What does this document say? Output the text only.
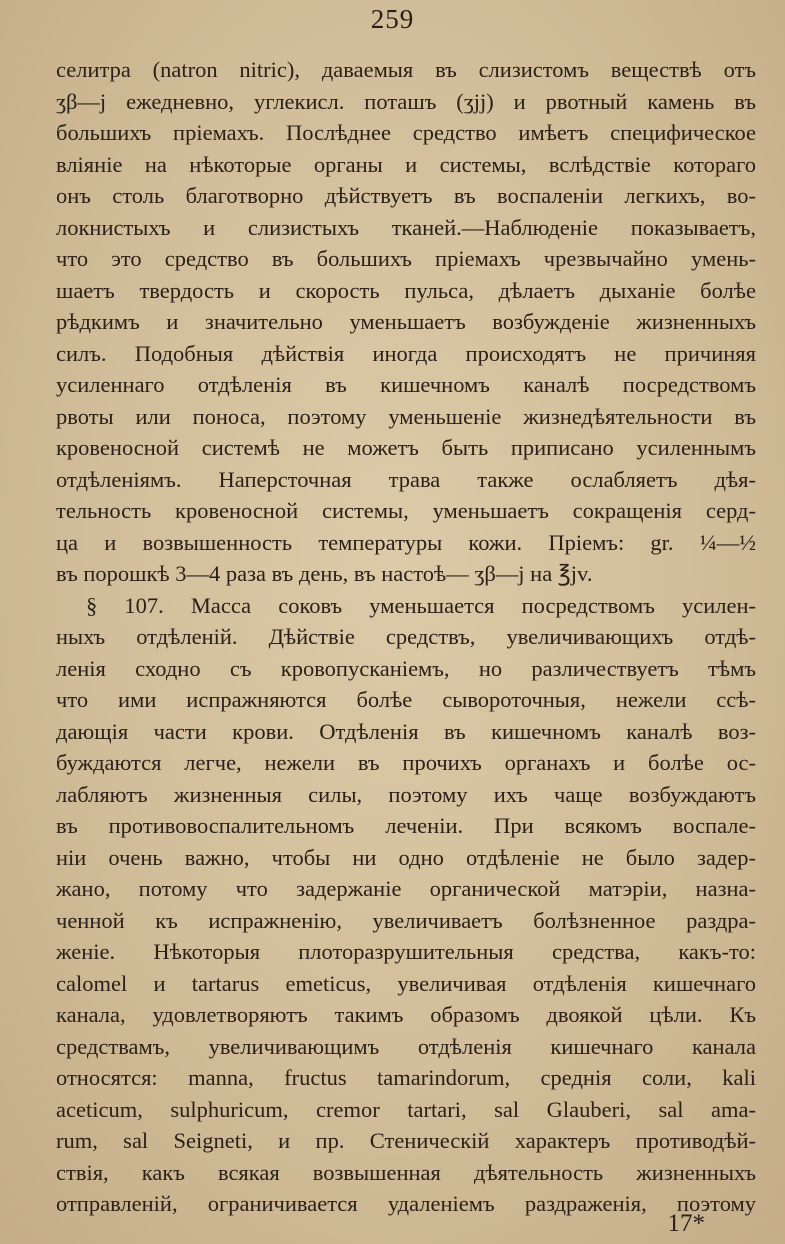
259
селитра (natron nitric), даваемыя въ слизистомъ веществѣ отъ
ʒβ—j ежедневно, углекисл. поташъ (ʒjj) и рвотный камень въ
большихъ пріемахъ. Послѣднее средство имѣетъ специфическое
вліяніе на нѣкоторые органы и системы, вслѣдствіе котораго
онъ столь благотворно дѣйствуетъ въ воспаленіи легкихъ, во-
локнистыхъ и слизистыхъ тканей.—Наблюденіе показываетъ,
что это средство въ большихъ пріемахъ чрезвычайно умень-
шаетъ твердость и скорость пульса, дѣлаетъ дыханіе болѣе
рѣдкимъ и значительно уменьшаетъ возбужденіе жизненныхъ
силъ. Подобныя дѣйствія иногда происходятъ не причиняя
усиленнаго отдѣленія въ кишечномъ каналѣ посредствомъ
рвоты или поноса, поэтому уменьшеніе жизнедѣятельности въ
кровеносной системѣ не можетъ быть приписано усиленнымъ
отдѣленіямъ. Наперсточная трава также ослабляетъ дѣя-
тельность кровеносной системы, уменьшаетъ сокращенія серд-
ца и возвышенность температуры кожи. Пріемъ: gr. ¼—½
въ порошкѣ 3—4 раза въ день, въ настоѣ— ʒβ—j на ℥jv.
§ 107. Масса соковъ уменьшается посредствомъ усилен-
ныхъ отдѣленій. Дѣйствіе средствъ, увеличивающихъ отдѣ-
ленія сходно съ кровопусканіемъ, но различествуетъ тѣмъ
что ими испражняются болѣе сывороточныя, нежели ссѣ-
дающія части крови. Отдѣленія въ кишечномъ каналѣ воз-
буждаются легче, нежели въ прочихъ органахъ и болѣе ос-
лабляютъ жизненныя силы, поэтому ихъ чаще возбуждаютъ
въ противовоспалительномъ леченіи. При всякомъ воспале-
ніи очень важно, чтобы ни одно отдѣленіе не было задер-
жано, потому что задержаніе органической матэріи, назна-
ченной къ испражненію, увеличиваетъ болѣзненное раздра-
женіе. Нѣкоторыя плоторазрушительныя средства, какъ-то:
calomel и tartarus emeticus, увеличивая отдѣленія кишечнаго
канала, удовлетворяютъ такимъ образомъ двоякой цѣли. Къ
средствамъ, увеличивающимъ отдѣленія кишечнаго канала
относятся: manna, fructus tamarindorum, среднія соли, kali
aceticum, sulphuricum, cremor tartari, sal Glauberi, sal ama-
rum, sal Seigneti, и пр. Стеническій характеръ противодѣй-
ствія, какъ всякая возвышенная дѣятельность жизненныхъ
отправленій, ограничивается удаленіемъ раздраженія, поэтому
17*
